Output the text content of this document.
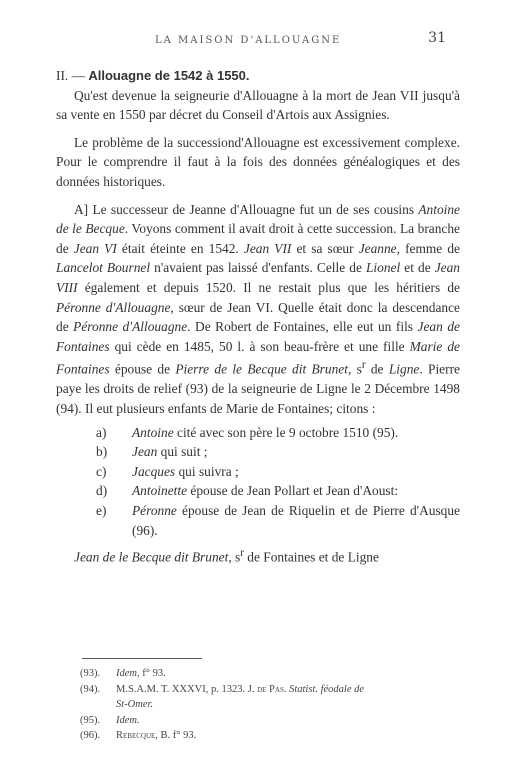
LA MAISON D'ALLOUAGNE	31

II. — Allouagne de 1542 à 1550.

Qu'est devenue la seigneurie d'Allouagne à la mort de Jean VII jusqu'à sa vente en 1550 par décret du Conseil d'Artois aux Assignies.

Le problème de la successiond'Allouagne est excessivement complexe. Pour le comprendre il faut à la fois des données généalogiques et des données historiques.

A] Le successeur de Jeanne d'Allouagne fut un de ses cousins Antoine de le Becque. Voyons comment il avait droit à cette succession. La branche de Jean VI était éteinte en 1542. Jean VII et sa sœur Jeanne, femme de Lancelot Bournel n'avaient pas laissé d'enfants. Celle de Lionel et de Jean VIII également et depuis 1520. Il ne restait plus que les héritiers de Péronne d'Allouagne, sœur de Jean VI. Quelle était donc la descendance de Péronne d'Allouagne. De Robert de Fontaines, elle eut un fils Jean de Fontaines qui cède en 1485, 50 l. à son beau-frère et une fille Marie de Fontaines épouse de Pierre de le Becque dit Brunet, $s^r$ de Ligne. Pierre paye les droits de relief (93) de la seigneurie de Ligne le 2 Décembre 1498 (94). Il eut plusieurs enfants de Marie de Fontaines; citons :

a) Antoine cité avec son père le 9 octobre 1510 (95).
b) Jean qui suit ;
c) Jacques qui suivra ;
d) Antoinette épouse de Jean Pollart et Jean d'Aoust:
e) Péronne épouse de Jean de Riquelin et de Pierre d'Ausque (96).

Jean de le Becque dit Brunet, $s^r$ de Fontaines et de Ligne

(93).	Idem, f° 93.
(94).	M.S.A.M. T. XXXVI, p. 1323. J. de Pas. Statist. féodale de
St-Omer.
(95).	Idem.
(96).	Rebecque, B. f° 93.
